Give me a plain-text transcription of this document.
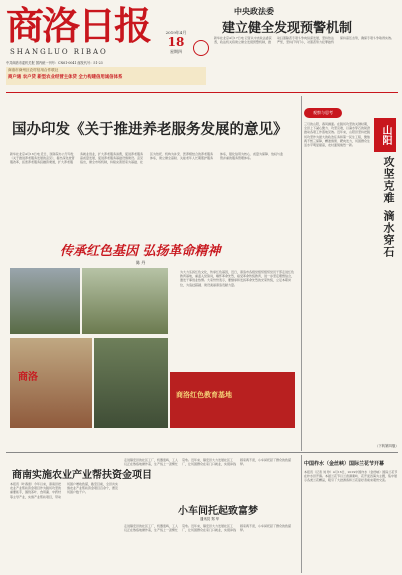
商洛日报
SHANGLUO RIBAO
2019年4月
18
星期四
中共商洛市委机关报 国内统一刊号：CN61-0041 邮发代号：51-23
商洛市商州区农村信用合作联社
商户通 农户贷 新型农业经营主体贷 全力构建信用诚信体系
中央政法委
建立健全发现预警机制
新华社北京4月17日电 记者从中央政法委获悉，政法机关将建立健全发现预警机制，推动扫黑除恶专项斗争向纵深发展，坚持依法严惩，坚持打早打小，对黑恶势力犯罪始终保持高压态势，确保专项斗争取得实效。
国办印发《关于推进养老服务发展的意见》
新华社北京4月16日电 近日，国务院办公厅印发《关于推进养老服务发展的意见》，提出深化放管服改革，拓宽养老服务投融资渠道，扩大养老服务就业创业，扩大养老服务消费，促进养老服务高质量发展，促进养老服务基础设施建设。意见指出，健全市场机制，持续完善居家为基础、社区为依托、机构为补充、医养相结合的养老服务体系，建立健全高龄、失能老年人长期照护服务体系，强化信用为核心、质量为保障、放权与监管并重的服务管理体系。
观察与思考
山阳
攻坚克难
滴水穿石
三月的山阳，春风拂面。在脱贫攻坚的关键时期，全县上下凝心聚力、攻坚克难，以滴水穿石的韧劲推动各项工作落地见效。近年来，山阳县坚持把脱贫攻坚作为最大的政治任务和第一民生工程，聚焦两不愁三保障，精准施策、靶向发力，贫困群众生活水平明显提高，农村面貌焕然一新。
（下转第四版）
传承红色基因 弘扬革命精神
陈 丹
为大力弘扬红色文化，传承红色基因，近日，商洛市各级党组织组织党员干部走进红色教育基地，重温入党誓词，缅怀革命先烈，接受革命传统教育，进一步坚定理想信念，激发干事创业热情。大家纷纷表示，要继承和发扬革命先烈的光荣传统，立足本职岗位，为追赶超越、建设美丽商洛贡献力量。
商洛
商洛红色教育基地
商南实施农业产业帮扶资金项目
本报讯（叶春雷）今年以来，商南县把农业产业帮扶资金项目作为脱贫攻坚的重要抓手，围绕茶叶、食用菌、中药材等主导产业，实施产业帮扶项目，带动贫困户增收致富，截至目前，全县共实施农业产业帮扶资金项目百余个，惠及贫困户数千户。
走进镇安县的社区工厂，机器轰鸣，工人们正在熟练地操作着，生产线上一派繁忙景象。近年来，镇安县大力发展社区工厂，让贫困群众在家门口就业，实现挣钱顾家两不误，小车间托起了群众的致富梦。
小车间托起致富梦
通讯员 郑 华
走进镇安县的社区工厂，机器轰鸣，工人们正在熟练地操作着，生产线上一派繁忙景象。近年来，镇安县大力发展社区工厂，让贫困群众在家门口就业，实现挣钱顾家两不误，小车间托起了群众的致富梦。
中国柞水（金丝峡）国际兰花节开幕
本报讯（记者 刘 珍）4月16日，2019中国柞水（金丝峡）国际兰花节在柞水县开幕。本届兰花节以兰香满秦岭、花开迎四海为主题，集中展示各类兰花精品，吸引了大批游客和兰花爱好者前来观赏交流。
